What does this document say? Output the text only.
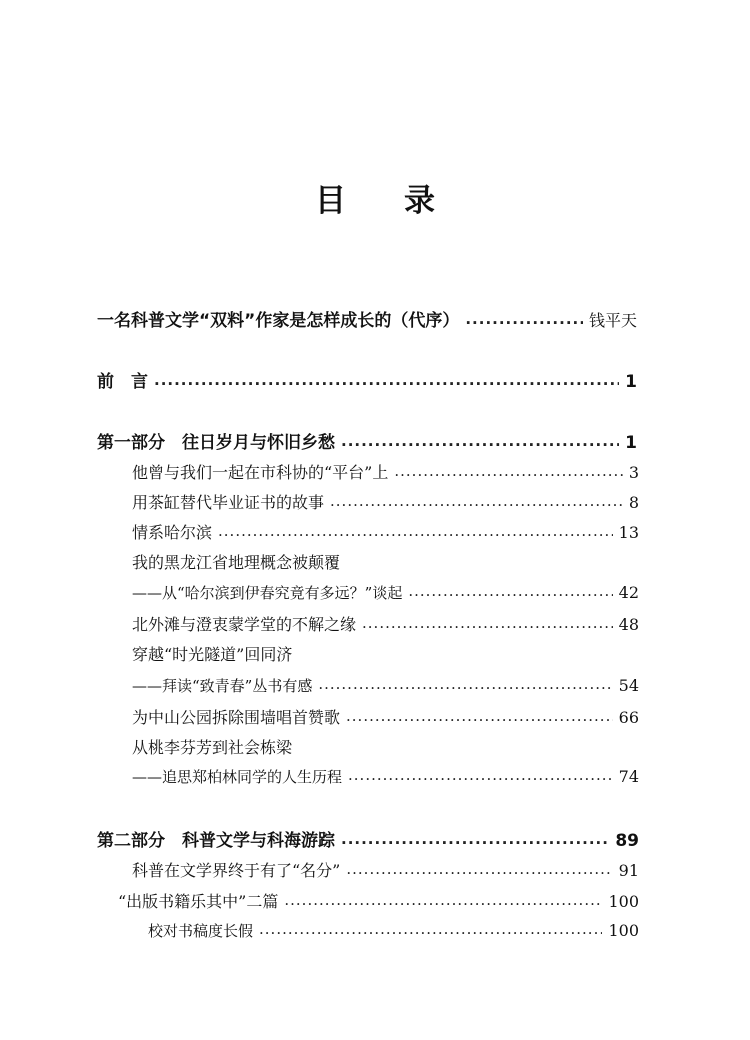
目 录
一名科普文学“双料”作家是怎样成长的（代序） ·····	钱平天
前　言 ·····	1
第一部分　往日岁月与怀旧乡愁 ·····	1
他曾与我们一起在市科协的“平台”上 ·····	3
用茶缸替代毕业证书的故事 ·····	8
情系哈尔滨 ·····	13
我的黑龙江省地理概念被颠覆
——从“哈尔滨到伊春究竟有多远？”谈起 ·····	42
北外滩与澄衷蒙学堂的不解之缘 ·····	48
穿越“时光隧道”回同济
——拜读“致青春”丛书有感 ·····	54
为中山公园拆除围墙唱首赞歌 ·····	66
从桃李芬芳到社会栋梁
——追思郑柏林同学的人生历程 ·····	74
第二部分　科普文学与科海游踪 ·····	89
科普在文学界终于有了“名分” ·····	91
“出版书籍乐其中”二篇 ·····	100
校对书稿度长假 ·····	100
